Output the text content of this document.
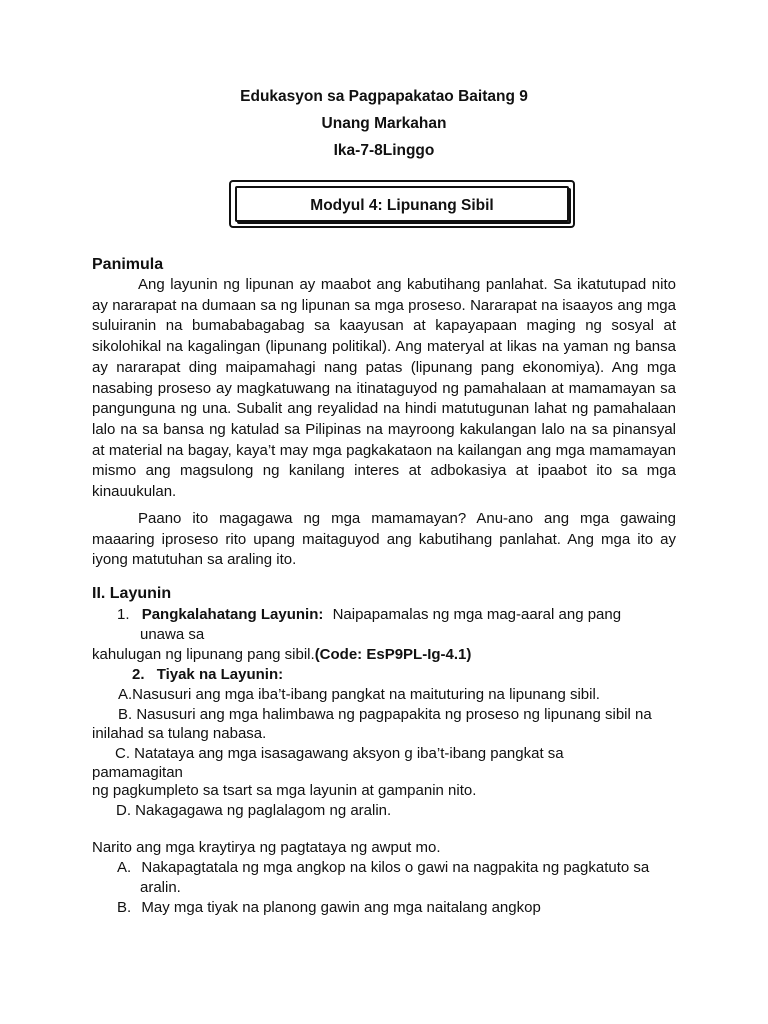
Edukasyon sa Pagpapakatao Baitang 9
Unang Markahan
Ika-7-8Linggo
Modyul 4: Lipunang Sibil
Panimula

Ang layunin ng lipunan ay maabot ang kabutihang panlahat. Sa ikatutupad nito ay nararapat na dumaan sa ng lipunan sa mga proseso. Nararapat na isaayos ang mga suluiranin na bumababagabag sa kaayusan at kapayapaan maging ng sosyal at sikolohikal na kagalingan (lipunang politikal). Ang materyal at likas na yaman ng bansa ay nararapat ding maipamahagi nang patas (lipunang pang ekonomiya). Ang mga nasabing proseso ay magkatuwang na itinataguyod ng pamahalaan at mamamayan sa pangunguna ng una. Subalit ang reyalidad na hindi matutugunan lahat ng pamahalaan lalo na sa bansa ng katulad sa Pilipinas na mayroong kakulangan lalo na sa pinansyal at material na bagay, kaya’t may mga pagkakataon na kailangan ang mga mamamayan mismo ang magsulong ng kanilang interes at adbokasiya at ipaabot ito sa mga kinauukulan.

Paano ito magagawa ng mga mamamayan? Anu-ano ang mga gawaing maaaring iproseso rito upang maitaguyod ang kabutihang panlahat. Ang mga ito ay iyong matutuhan sa araling ito.

II. Layunin
1. Pangkalahatang Layunin: Naipapamalas ng mga mag-aaral ang pang
unawa sa
kahulugan ng lipunang pang sibil.(Code: EsP9PL-Ig-4.1)
2. Tiyak na Layunin:
A.Nasusuri ang mga iba’t-ibang pangkat na maituturing na lipunang sibil.
B. Nasusuri ang mga halimbawa ng pagpapakita ng proseso ng lipunang sibil na
inilahad sa tulang nabasa.
C. Natataya ang mga isasagawang aksyon g iba’t-ibang pangkat sa
pamamagitan
ng pagkumpleto sa tsart sa mga layunin at gampanin nito.
D. Nakagagawa ng paglalagom ng aralin.
Narito ang mga kraytirya ng pagtataya ng awput mo.
A. Nakapagtatala ng mga angkop na kilos o gawi na nagpakita ng pagkatuto sa
aralin.
B. May mga tiyak na planong gawin ang mga naitalang angkop
